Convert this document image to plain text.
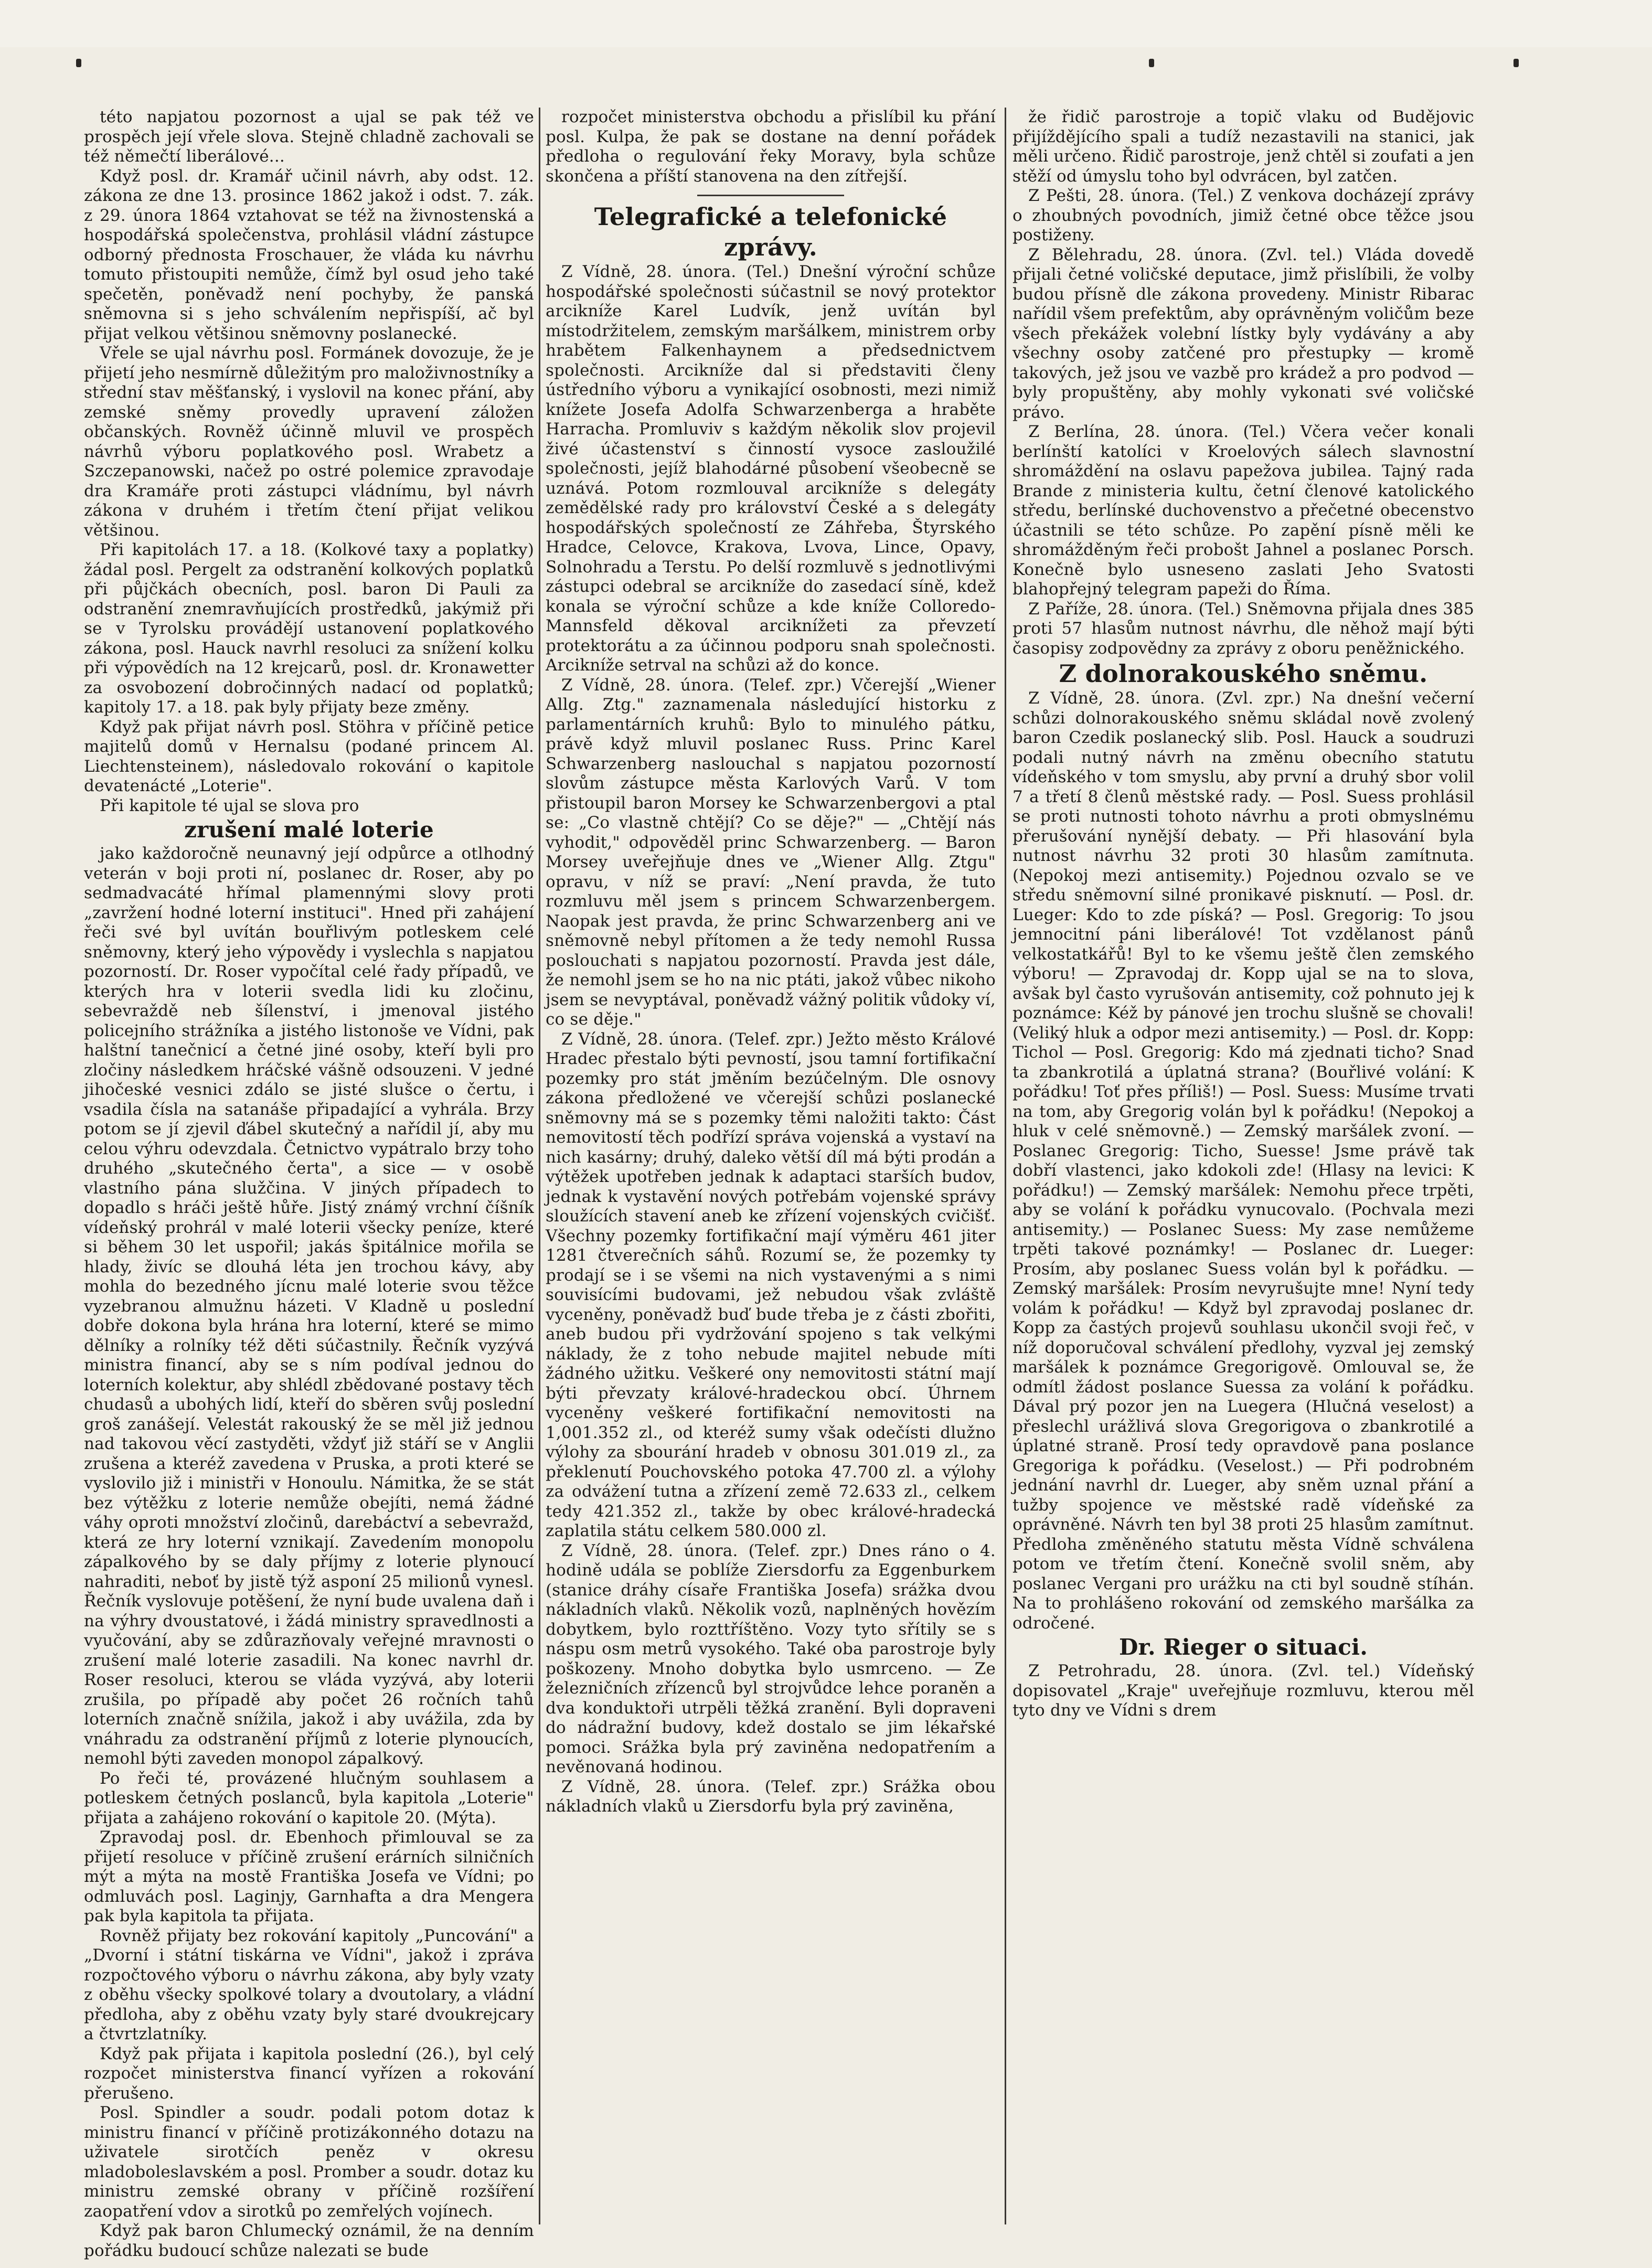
této napjatou pozornost a ujal se pak též ve prospěch její vřele slova. Stejně chladně zachovali se též němečtí liberálové...

Když posl. dr. Kramář učinil návrh, aby odst. 12. zákona ze dne 13. prosince 1862 jakož i odst. 7. zák. z 29. února 1864 vztahovat se též na živnostenská a hospodářská společenstva, prohlásil vládní zástupce odborný přednosta Froschauer, že vláda ku návrhu tomuto přistoupiti nemůže, čímž byl osud jeho také spečetěn, poněvadž není pochyby, že panská sněmovna si s jeho schválením nepřispíší, ač byl přijat velkou většinou sněmovny poslanecké.

Vřele se ujal návrhu posl. Formánek dovozuje, že je přijetí jeho nesmírně důležitým pro maloživnostníky a střední stav měšťanský, i vyslovil na konec přání, aby zemské sněmy provedly upravení záložen občanských. Rovněž účinně mluvil ve prospěch návrhů výboru poplatkového posl. Wrabetz a Szczepanowski, načež po ostré polemice zpravodaje dra Kramáře proti zástupci vládnímu, byl návrh zákona v druhém i třetím čtení přijat velikou většinou.

Při kapitolách 17. a 18. (Kolkové taxy a poplatky) žádal posl. Pergelt za odstranění kolkových poplatků při půjčkách obecních, posl. baron Di Pauli za odstranění znemravňujících prostředků, jakýmiž při se v Tyrolsku provádějí ustanovení poplatkového zákona, posl. Hauck navrhl resoluci za snížení kolku při výpovědích na 12 krejcarů, posl. dr. Kronawetter za osvobození dobročinných nadací od poplatků; kapitoly 17. a 18. pak byly přijaty beze změny.

Když pak přijat návrh posl. Stöhra v příčině petice majitelů domů v Hernalsu (podané princem Al. Liechtensteinem), následovalo rokování o kapitole devatenácté „Loterie".

Při kapitole té ujal se slova pro

zrušení malé loterie

jako každoročně neunavný její odpůrce a otlhodný veterán v boji proti ní, poslanec dr. Roser, aby po sedmadvacáté hřímal plamennými slovy proti „zavržení hodné loterní instituci". Hned při zahájení řeči své byl uvítán bouřlivým potleskem celé sněmovny, který jeho výpovědy i vyslechla s napjatou pozorností. Dr. Roser vypočítal celé řady případů, ve kterých hra v loterii svedla lidi ku zločinu, sebevraždě neb šílenství, i jmenoval jistého policejního strážníka a jistého listonoše ve Vídni, pak halštní tanečnicí a četné jiné osoby, kteří byli pro zločiny následkem hráčské vášně odsouzeni. V jedné jihočeské vesnici zdálo se jisté slušce o čertu, i vsadila čísla na satanáše připadající a vyhrála. Brzy potom se jí zjevil ďábel skutečný a nařídil jí, aby mu celou výhru odevzdala. Četnictvo vypátralo brzy toho druhého „skutečného čerta", a sice — v osobě vlastního pána služčina. V jiných případech to dopadlo s hráči ještě hůře. Jistý známý vrchní číšník vídeňský prohrál v malé loterii všecky peníze, které si během 30 let uspořil; jakás špitálnice mořila se hlady, živíc se dlouhá léta jen trochou kávy, aby mohla do bezedného jícnu malé loterie svou těžce vyzebranou almužnu házeti. V Kladně u poslední dobře dokona byla hrána hra loterní, které se mimo dělníky a rolníky též děti súčastnily. Řečník vyzývá ministra financí, aby se s ním podíval jednou do loterních kolektur, aby shlédl zbědované postavy těch chudasů a ubohých lidí, kteří do sběren svůj poslední groš zanášejí. Velestát rakouský že se měl již jednou nad takovou věcí zastyděti, vždyť již stáří se v Anglii zrušena a kteréž zavedena v Pruska, a proti které se vyslovilo již i ministři v Honoulu. Námitka, že se stát bez výtěžku z loterie nemůže obejíti, nemá žádné váhy oproti množství zločinů, darebáctví a sebevražd, která ze hry loterní vznikají. Zavedením monopolu zápalkového by se daly příjmy z loterie plynoucí nahraditi, neboť by jistě týž asponí 25 milionů vynesl. Řečník vyslovuje potěšení, že nyní bude uvalena daň i na výhry dvoustatové, i žádá ministry spravedlnosti a vyučování, aby se zdůrazňovaly veřejné mravnosti o zrušení malé loterie zasadili. Na konec navrhl dr. Roser resoluci, kterou se vláda vyzývá, aby loterii zrušila, po případě aby počet 26 ročních tahů loterních značně snížila, jakož i aby uvážila, zda by vnáhradu za odstranění příjmů z loterie plynoucích, nemohl býti zaveden monopol zápalkový.

Po řeči té, provázené hlučným souhlasem a potleskem četných poslanců, byla kapitola „Loterie" přijata a zahájeno rokování o kapitole 20. (Mýta).

Zpravodaj posl. dr. Ebenhoch přimlouval se za přijetí resoluce v příčině zrušení erárních silničních mýt a mýta na mostě Františka Josefa ve Vídni; po odmluvách posl. Laginjy, Garnhafta a dra Mengera pak byla kapitola ta přijata.

Rovněž přijaty bez rokování kapitoly „Puncování" a „Dvorní i státní tiskárna ve Vídni", jakož i zpráva rozpočtového výboru o návrhu zákona, aby byly vzaty z oběhu všecky spolkové tolary a dvoutolary, a vládní předloha, aby z oběhu vzaty byly staré dvoukrejcary a čtvrtzlatníky.

Když pak přijata i kapitola poslední (26.), byl celý rozpočet ministerstva financí vyřízen a rokování přerušeno.

Posl. Spindler a soudr. podali potom dotaz k ministru financí v příčině protizákonného dotazu na uživatele sirotčích peněz v okresu mladoboleslavském a posl. Promber a soudr. dotaz ku ministru zemské obrany v příčině rozšíření zaopatření vdov a sirotků po zemřelých vojínech.

Když pak baron Chlumecký oznámil, že na denním pořádku budoucí schůze nalezati se bude

rozpočet ministerstva obchodu a přislíbil ku přání posl. Kulpa, že pak se dostane na denní pořádek předloha o regulování řeky Moravy, byla schůze skončena a příští stanovena na den zítřejší.

Telegrafické a telefonické zprávy.

Z Vídně, 28. února. (Tel.) Dnešní výroční schůze hospodářské společnosti súčastnil se nový protektor arcikníže Karel Ludvík, jenž uvítán byl místodržitelem, zemským maršálkem, ministrem orby hrabětem Falkenhaynem a předsednictvem společnosti. Arcikníže dal si představiti členy ústředního výboru a vynikající osobnosti, mezi nimiž knížete Josefa Adolfa Schwarzenberga a hraběte Harracha. Promluviv s každým několik slov projevil živé účastenství s činností vysoce zasloužilé společnosti, jejíž blahodárné působení všeobecně se uznává. Potom rozmlouval arcikníže s delegáty zemědělské rady pro království České a s delegáty hospodářských společností ze Záhřeba, Štyrského Hradce, Celovce, Krakova, Lvova, Lince, Opavy, Solnohradu a Terstu. Po delší rozmluvě s jednotlivými zástupci odebral se arcikníže do zasedací síně, kdež konala se výroční schůze a kde kníže Colloredo-Mannsfeld děkoval arciknížeti za převzetí protektorátu a za účinnou podporu snah společnosti. Arcikníže setrval na schůzi až do konce.

Z Vídně, 28. února. (Telef. zpr.) Včerejší „Wiener Allg. Ztg." zaznamenala následující historku z parlamentárních kruhů: Bylo to minulého pátku, právě když mluvil poslanec Russ. Princ Karel Schwarzenberg naslouchal s napjatou pozorností slovům zástupce města Karlových Varů. V tom přistoupil baron Morsey ke Schwarzenbergovi a ptal se: „Co vlastně chtějí? Co se děje?" — „Chtějí nás vyhodit," odpověděl princ Schwarzenberg. — Baron Morsey uveřejňuje dnes ve „Wiener Allg. Ztgu" opravu, v níž se praví: „Není pravda, že tuto rozmluvu měl jsem s princem Schwarzenbergem. Naopak jest pravda, že princ Schwarzenberg ani ve sněmovně nebyl přítomen a že tedy nemohl Russa poslouchati s napjatou pozorností. Pravda jest dále, že nemohl jsem se ho na nic ptáti, jakož vůbec nikoho jsem se nevyptával, poněvadž vážný politik vůdoky ví, co se děje."

Z Vídně, 28. února. (Telef. zpr.) Ježto město Králové Hradec přestalo býti pevností, jsou tamní fortifikační pozemky pro stát jměním bezúčelným. Dle osnovy zákona předložené ve včerejší schůzi poslanecké sněmovny má se s pozemky těmi naložiti takto: Část nemovitostí těch podřízí správa vojenská a vystaví na nich kasárny; druhý, daleko větší díl má býti prodán a výtěžek upotřeben jednak k adaptaci starších budov, jednak k vystavění nových potřebám vojenské správy sloužících stavení aneb ke zřízení vojenských cvičišť. Všechny pozemky fortifikační mají výměru 461 jiter 1281 čtverečních sáhů. Rozumí se, že pozemky ty prodají se i se všemi na nich vystavenými a s nimi souvisícími budovami, jež nebudou však zvláště vyceněny, poněvadž buď bude třeba je z části zbořiti, aneb budou při vydržování spojeno s tak velkými náklady, že z toho nebude majitel nebude míti žádného užitku. Veškeré ony nemovitosti státní mají býti převzaty králové-hradeckou obcí. Úhrnem vyceněny veškeré fortifikační nemovitosti na 1,001.352 zl., od kteréž sumy však odečísti dlužno výlohy za sbourání hradeb v obnosu 301.019 zl., za překlenutí Pouchovského potoka 47.700 zl. a výlohy za odvážení tutna a zřízení země 72.633 zl., celkem tedy 421.352 zl., takže by obec králové-hradecká zaplatila státu celkem 580.000 zl.

Z Vídně, 28. února. (Telef. zpr.) Dnes ráno o 4. hodině udála se poblíže Ziersdorfu za Eggenburkem (stanice dráhy císaře Františka Josefa) srážka dvou nákladních vlaků. Několik vozů, naplněných hovězím dobytkem, bylo rozttříštěno. Vozy tyto sřítily se s náspu osm metrů vysokého. Také oba parostroje byly poškozeny. Mnoho dobytka bylo usmrceno. — Ze železničních zřízenců byl strojvůdce lehce poraněn a dva konduktoři utrpěli těžká zranění. Byli dopraveni do nádražní budovy, kdež dostalo se jim lékařské pomoci. Srážka byla prý zaviněna nedopatřením a nevěnovaná hodinou.

Z Vídně, 28. února. (Telef. zpr.) Srážka obou nákladních vlaků u Ziersdorfu byla prý zaviněna,

že řidič parostroje a topič vlaku od Budějovic přijíždějícího spali a tudíž nezastavili na stanici, jak měli určeno. Řidič parostroje, jenž chtěl si zoufati a jen stěží od úmyslu toho byl odvrácen, byl zatčen.

Z Pešti, 28. února. (Tel.) Z venkova docházejí zprávy o zhoubných povodních, jimiž četné obce těžce jsou postiženy.

Z Bělehradu, 28. února. (Zvl. tel.) Vláda dovedě přijali četné voličské deputace, jimž přislíbili, že volby budou přísně dle zákona provedeny. Ministr Ribarac nařídil všem prefektům, aby oprávněným voličům beze všech překážek volební lístky byly vydávány a aby všechny osoby zatčené pro přestupky — kromě takových, jež jsou ve vazbě pro krádež a pro podvod — byly propuštěny, aby mohly vykonati své voličské právo.

Z Berlína, 28. února. (Tel.) Včera večer konali berlínští katolíci v Kroelových sálech slavnostní shromáždění na oslavu papežova jubilea. Tajný rada Brande z ministeria kultu, četní členové katolického středu, berlínské duchovenstvo a přečetné obecenstvo účastnili se této schůze. Po zapění písně měli ke shromážděným řeči probošt Jahnel a poslanec Porsch. Konečně bylo usneseno zaslati Jeho Svatosti blahopřejný telegram papeži do Říma.

Z Paříže, 28. února. (Tel.) Sněmovna přijala dnes 385 proti 57 hlasům nutnost návrhu, dle něhož mají býti časopisy zodpovědny za zprávy z oboru peněžnického.

Z dolnorakouského sněmu.

Z Vídně, 28. února. (Zvl. zpr.) Na dnešní večerní schůzi dolnorakouského sněmu skládal nově zvolený baron Czedik poslanecký slib. Posl. Hauck a soudruzi podali nutný návrh na změnu obecního statutu vídeňského v tom smyslu, aby první a druhý sbor volil 7 a třetí 8 členů městské rady. — Posl. Suess prohlásil se proti nutnosti tohoto návrhu a proti obmyslnému přerušování nynější debaty. — Při hlasování byla nutnost návrhu 32 proti 30 hlasům zamítnuta. (Nepokoj mezi antisemity.) Pojednou ozvalo se ve středu sněmovní silné pronikavé pisknutí. — Posl. dr. Lueger: Kdo to zde píská? — Posl. Gregorig: To jsou jemnocitní páni liberálové! Tot vzdělanost pánů velkostatkářů! Byl to ke všemu ještě člen zemského výboru! — Zpravodaj dr. Kopp ujal se na to slova, avšak byl často vyrušován antisemity, což pohnuto jej k poznámce: Kéž by pánové jen trochu slušně se chovali! (Veliký hluk a odpor mezi antisemity.) — Posl. dr. Kopp: Tichol — Posl. Gregorig: Kdo má zjednati ticho? Snad ta zbankrotilá a úplatná strana? (Bouřlivé volání: K pořádku! Toť přes příliš!) — Posl. Suess: Musíme trvati na tom, aby Gregorig volán byl k pořádku! (Nepokoj a hluk v celé sněmovně.) — Zemský maršálek zvoní. — Poslanec Gregorig: Ticho, Suesse! Jsme právě tak dobří vlastenci, jako kdokoli zde! (Hlasy na levici: K pořádku!) — Zemský maršálek: Nemohu přece trpěti, aby se volání k pořádku vynucovalo. (Pochvala mezi antisemity.) — Poslanec Suess: My zase nemůžeme trpěti takové poznámky! — Poslanec dr. Lueger: Prosím, aby poslanec Suess volán byl k pořádku. — Zemský maršálek: Prosím nevyrušujte mne! Nyní tedy volám k pořádku! — Když byl zpravodaj poslanec dr. Kopp za častých projevů souhlasu ukončil svoji řeč, v níž doporučoval schválení předlohy, vyzval jej zemský maršálek k poznámce Gregorigově. Omlouval se, že odmítl žádost poslance Suessa za volání k pořádku. Dával prý pozor jen na Luegera (Hlučná veselost) a přeslechl urážlivá slova Gregorigova o zbankrotilé a úplatné straně. Prosí tedy opravdově pana poslance Gregoriga k pořádku. (Veselost.) — Při podrobném jednání navrhl dr. Lueger, aby sněm uznal přání a tužby spojence ve městské radě vídeňské za oprávněné. Návrh ten byl 38 proti 25 hlasům zamítnut. Předloha změněného statutu města Vídně schválena potom ve třetím čtení. Konečně svolil sněm, aby poslanec Vergani pro urážku na cti byl soudně stíhán. Na to prohlášeno rokování od zemského maršálka za odročené.

Dr. Rieger o situaci.

Z Petrohradu, 28. února. (Zvl. tel.) Vídeňský dopisovatel „Kraje" uveřejňuje rozmluvu, kterou měl tyto dny ve Vídni s drem
